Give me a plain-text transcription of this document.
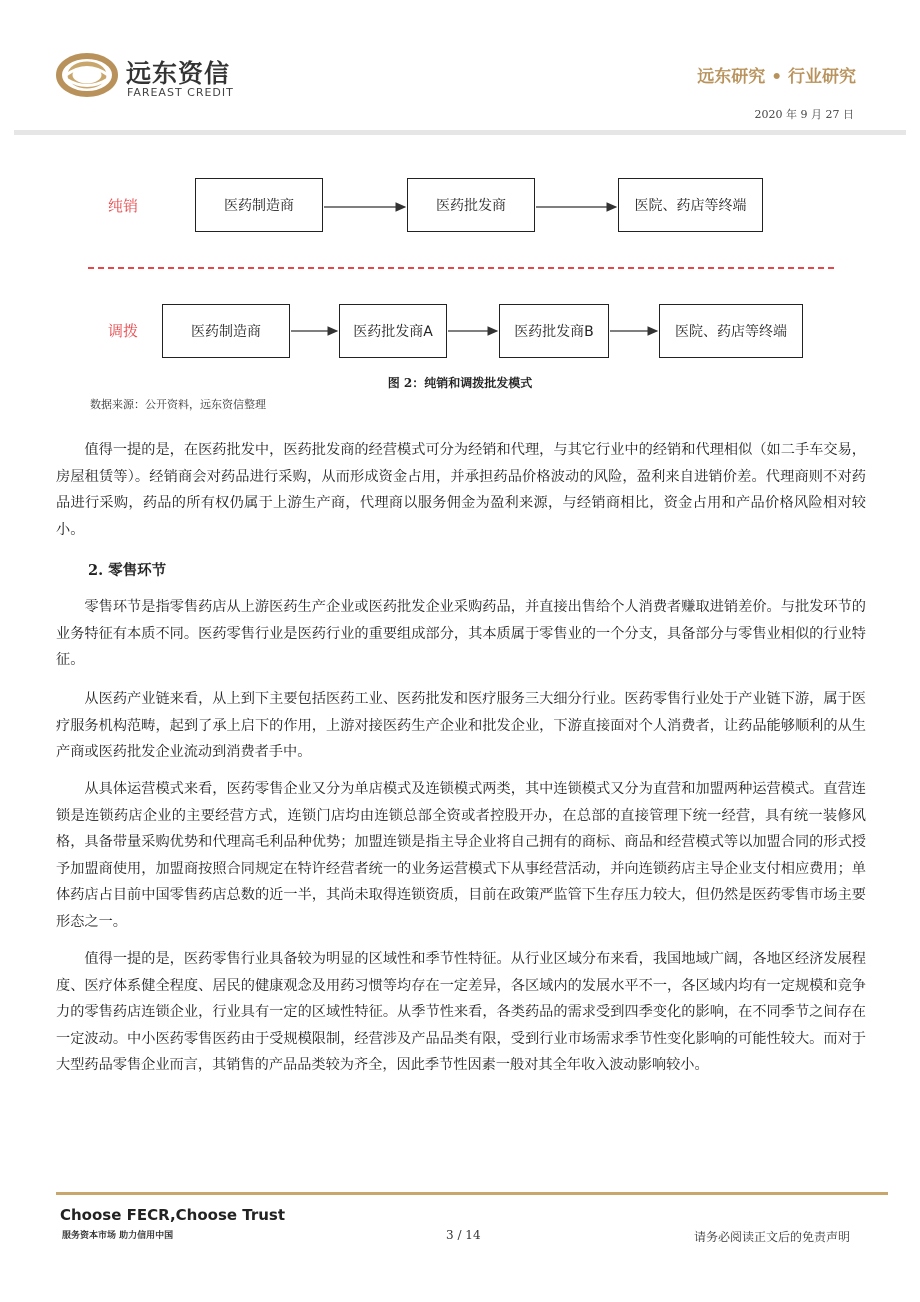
远东资信
FAREAST CREDIT
远东研究 • 行业研究
2020 年 9 月 27 日
纯销	医药制造商	医药批发商	医院、药店等终端
调拨	医药制造商	医药批发商A	医药批发商B	医院、药店等终端
图 2：纯销和调拨批发模式
数据来源：公开资料，远东资信整理

值得一提的是，在医药批发中，医药批发商的经营模式可分为经销和代理，与其它行业中的经销和代理相似（如二手车交易，房屋租赁等）。经销商会对药品进行采购，从而形成资金占用，并承担药品价格波动的风险，盈利来自进销价差。代理商则不对药品进行采购，药品的所有权仍属于上游生产商，代理商以服务佣金为盈利来源，与经销商相比，资金占用和产品价格风险相对较小。

2. 零售环节

零售环节是指零售药店从上游医药生产企业或医药批发企业采购药品，并直接出售给个人消费者赚取进销差价。与批发环节的业务特征有本质不同。医药零售行业是医药行业的重要组成部分，其本质属于零售业的一个分支，具备部分与零售业相似的行业特征。

从医药产业链来看，从上到下主要包括医药工业、医药批发和医疗服务三大细分行业。医药零售行业处于产业链下游，属于医疗服务机构范畴，起到了承上启下的作用，上游对接医药生产企业和批发企业，下游直接面对个人消费者，让药品能够顺利的从生产商或医药批发企业流动到消费者手中。

从具体运营模式来看，医药零售企业又分为单店模式及连锁模式两类，其中连锁模式又分为直营和加盟两种运营模式。直营连锁是连锁药店企业的主要经营方式，连锁门店均由连锁总部全资或者控股开办，在总部的直接管理下统一经营，具有统一装修风格，具备带量采购优势和代理高毛利品种优势；加盟连锁是指主导企业将自己拥有的商标、商品和经营模式等以加盟合同的形式授予加盟商使用，加盟商按照合同规定在特许经营者统一的业务运营模式下从事经营活动，并向连锁药店主导企业支付相应费用；单体药店占目前中国零售药店总数的近一半，其尚未取得连锁资质，目前在政策严监管下生存压力较大，但仍然是医药零售市场主要形态之一。

值得一提的是，医药零售行业具备较为明显的区域性和季节性特征。从行业区域分布来看，我国地域广阔，各地区经济发展程度、医疗体系健全程度、居民的健康观念及用药习惯等均存在一定差异，各区域内的发展水平不一，各区域内均有一定规模和竞争力的零售药店连锁企业，行业具有一定的区域性特征。从季节性来看，各类药品的需求受到四季变化的影响，在不同季节之间存在一定波动。中小医药零售医药由于受规模限制，经营涉及产品品类有限，受到行业市场需求季节性变化影响的可能性较大。而对于大型药品零售企业而言，其销售的产品品类较为齐全，因此季节性因素一般对其全年收入波动影响较小。

Choose FECR,Choose Trust
服务资本市场 助力信用中国	3 / 14	请务必阅读正文后的免责声明
